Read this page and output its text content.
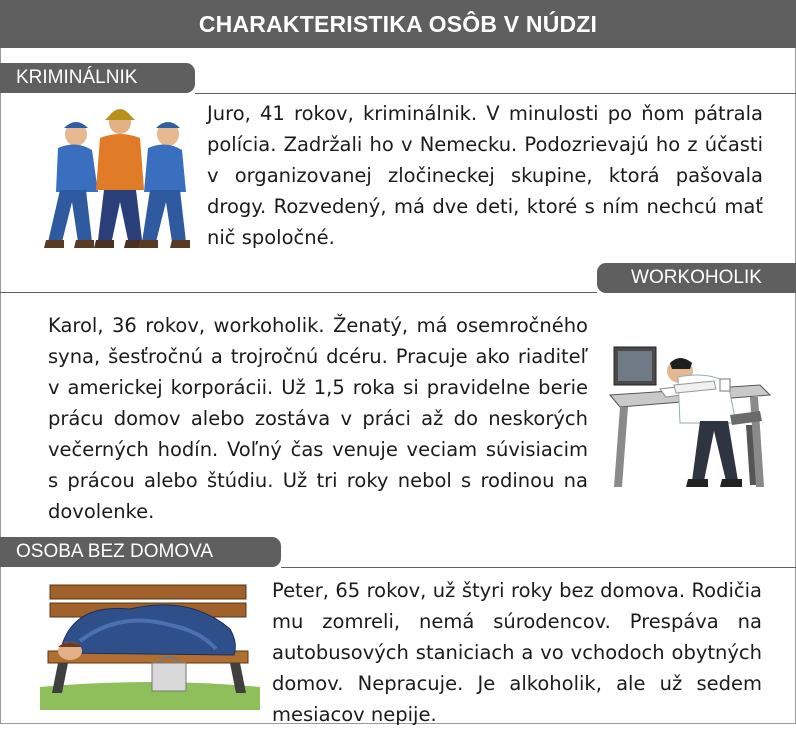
CHARAKTERISTIKA OSÔB V NÚDZI
KRIMINÁLNIK
Juro, 41 rokov, kriminálnik. V minulosti po ňom pátrala polícia. Zadržali ho v Nemecku. Podozrievajú ho z účasti v organizovanej zločineckej skupine, ktorá pašovala drogy. Rozvedený, má dve deti, ktoré s ním nechcú mať nič spoločné.
WORKOHOLIK
Karol, 36 rokov, workoholik. Ženatý, má osemročného syna, šesťročnú a trojročnú dcéru. Pracuje ako riaditeľ v americkej korporácii. Už 1,5 roka si pravidelne berie prácu domov alebo zostáva v práci až do neskorých večerných hodín. Voľný čas venuje veciam súvisiacim s prácou alebo štúdiu. Už tri roky nebol s rodinou na dovolenke.
OSOBA BEZ DOMOVA
Peter, 65 rokov, už štyri roky bez domova. Rodičia mu zomreli, nemá súrodencov. Prespáva na autobusových staniciach a vo vchodoch obytných domov. Nepracuje. Je alkoholik, ale už sedem mesiacov nepije.
